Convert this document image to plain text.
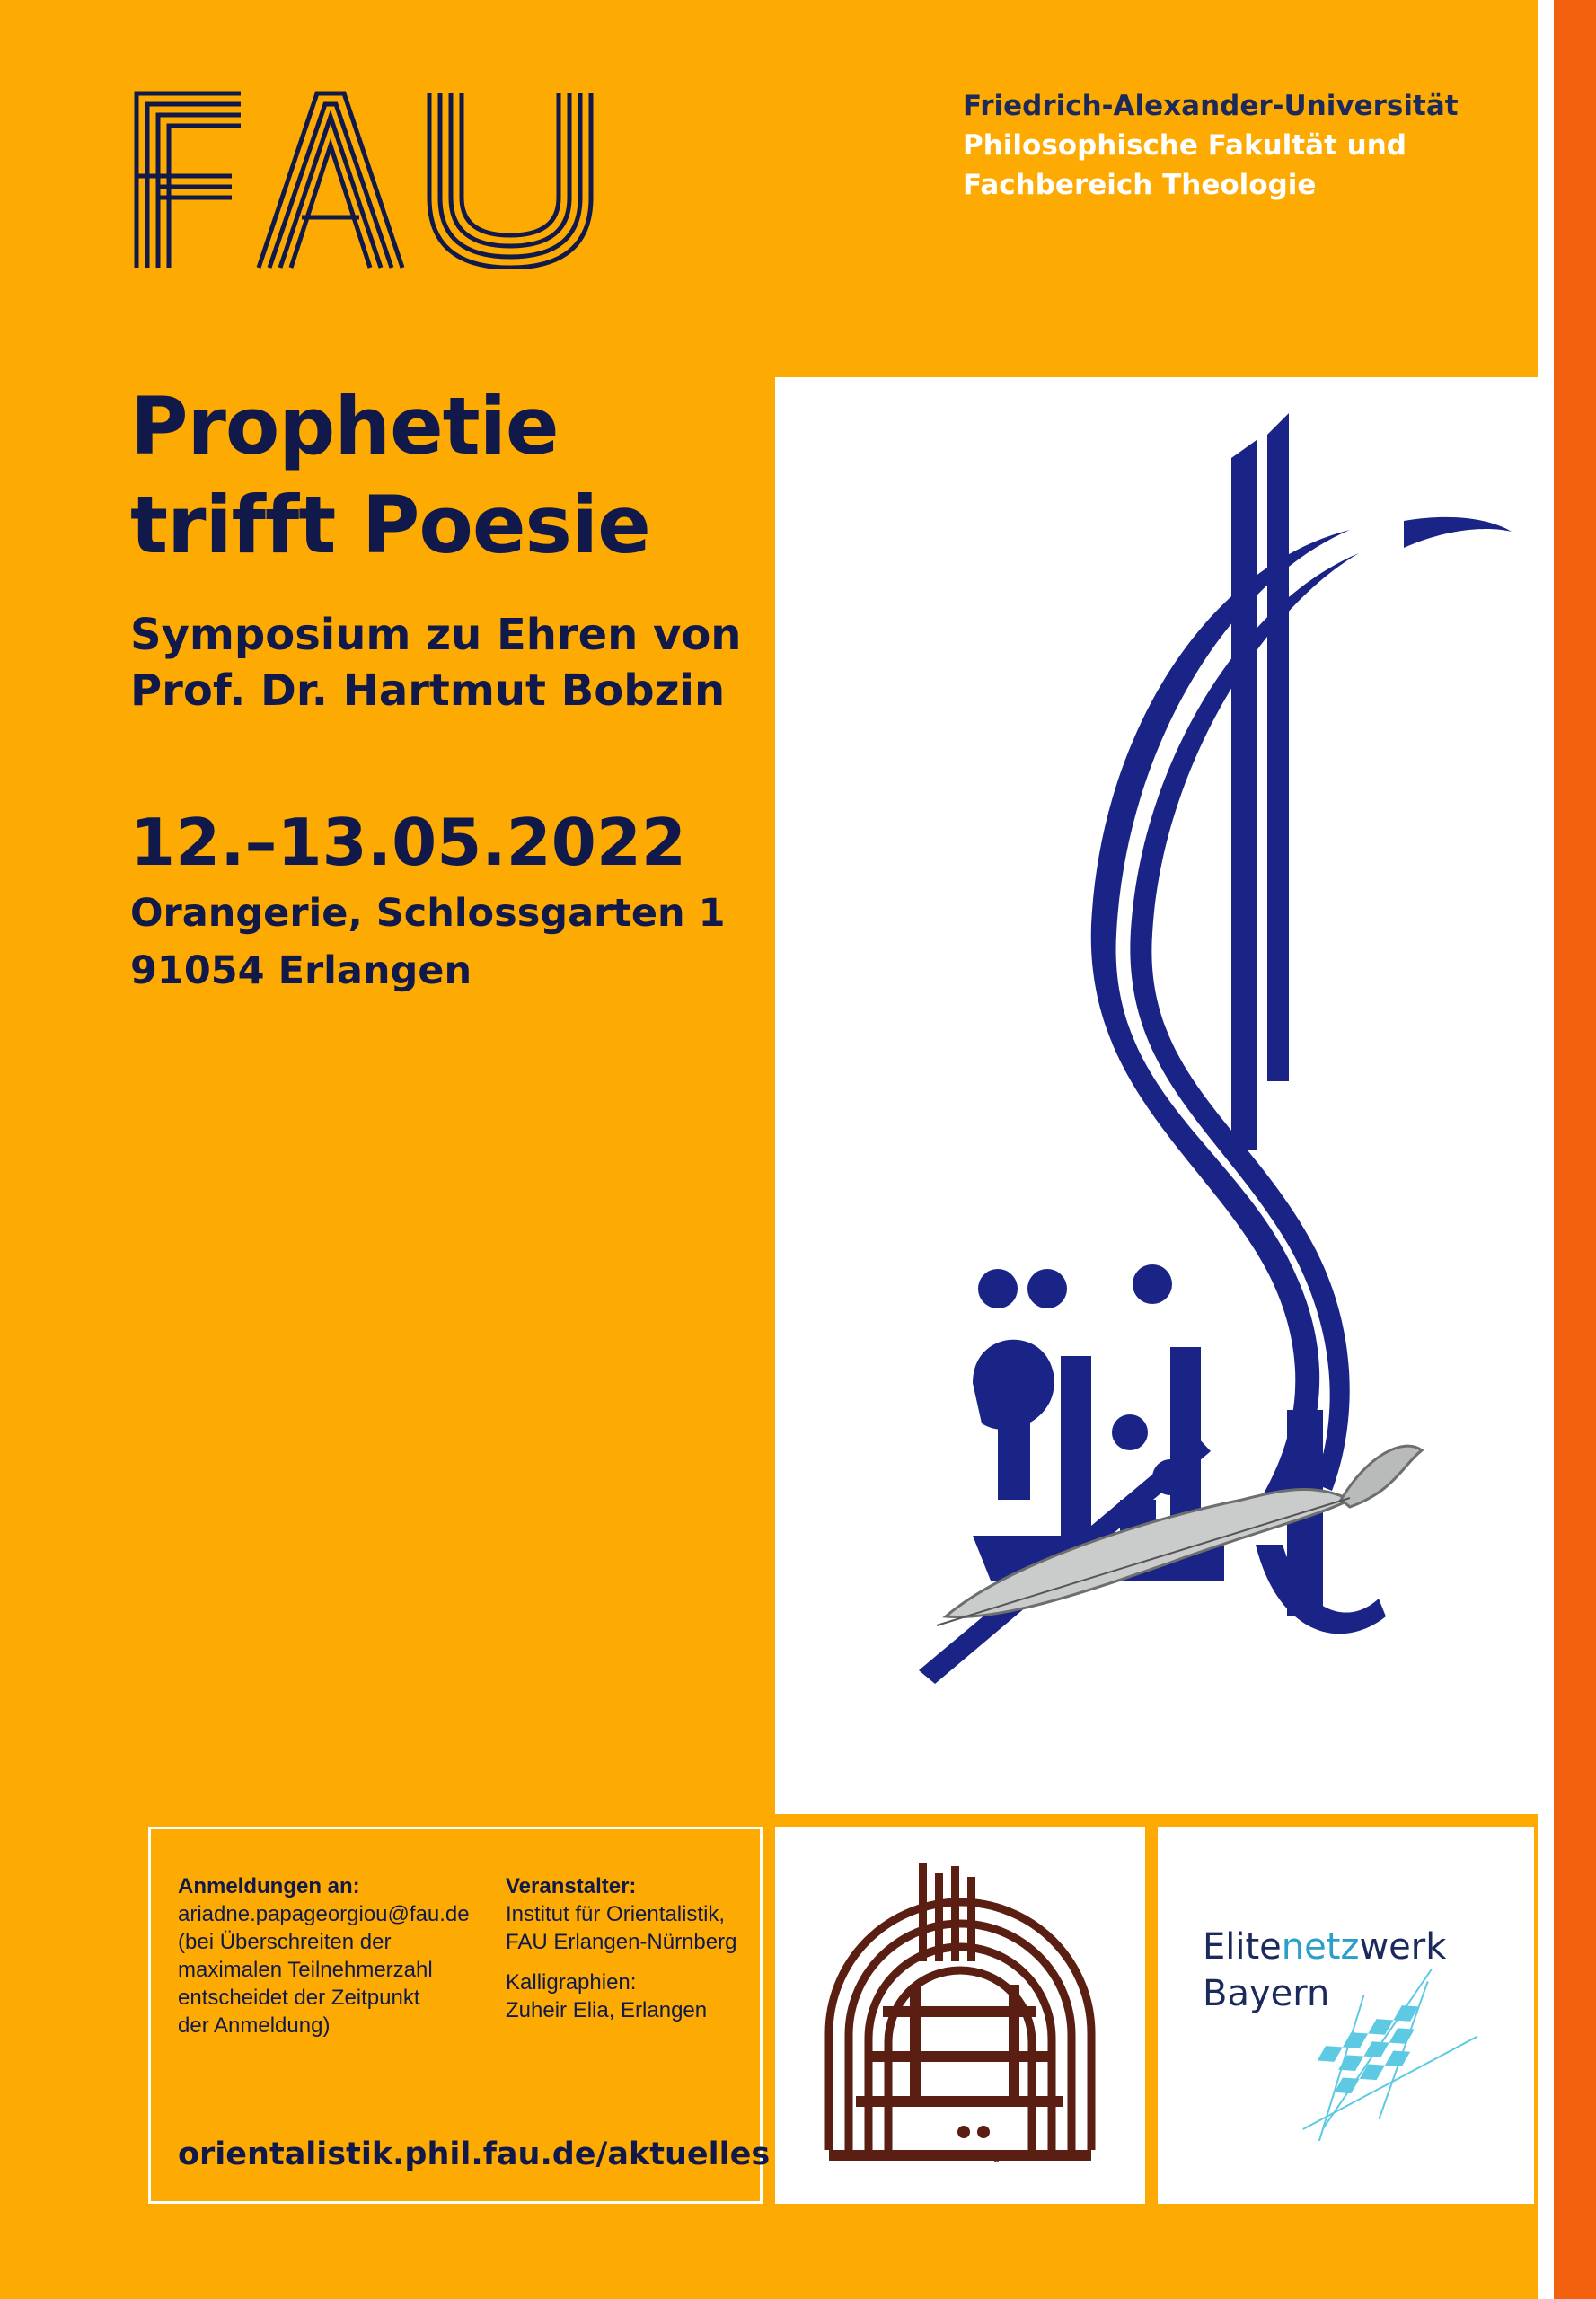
Friedrich-Alexander-Universität
Philosophische Fakultät und
Fachbereich Theologie
Prophetie
trifft Poesie
Symposium zu Ehren von
Prof. Dr. Hartmut Bobzin
12.–13.05.2022
Orangerie, Schlossgarten 1
91054 Erlangen
Anmeldungen an:
ariadne.papageorgiou@fau.de
(bei Überschreiten der
maximalen Teilnehmerzahl
entscheidet der Zeitpunkt
der Anmeldung)
Veranstalter:
Institut für Orientalistik,
FAU Erlangen-Nürnberg
Kalligraphien:
Zuheir Elia, Erlangen
orientalistik.phil.fau.de/aktuelles	Orientalistik Erlangen
Elitenetzwerk
Bayern
